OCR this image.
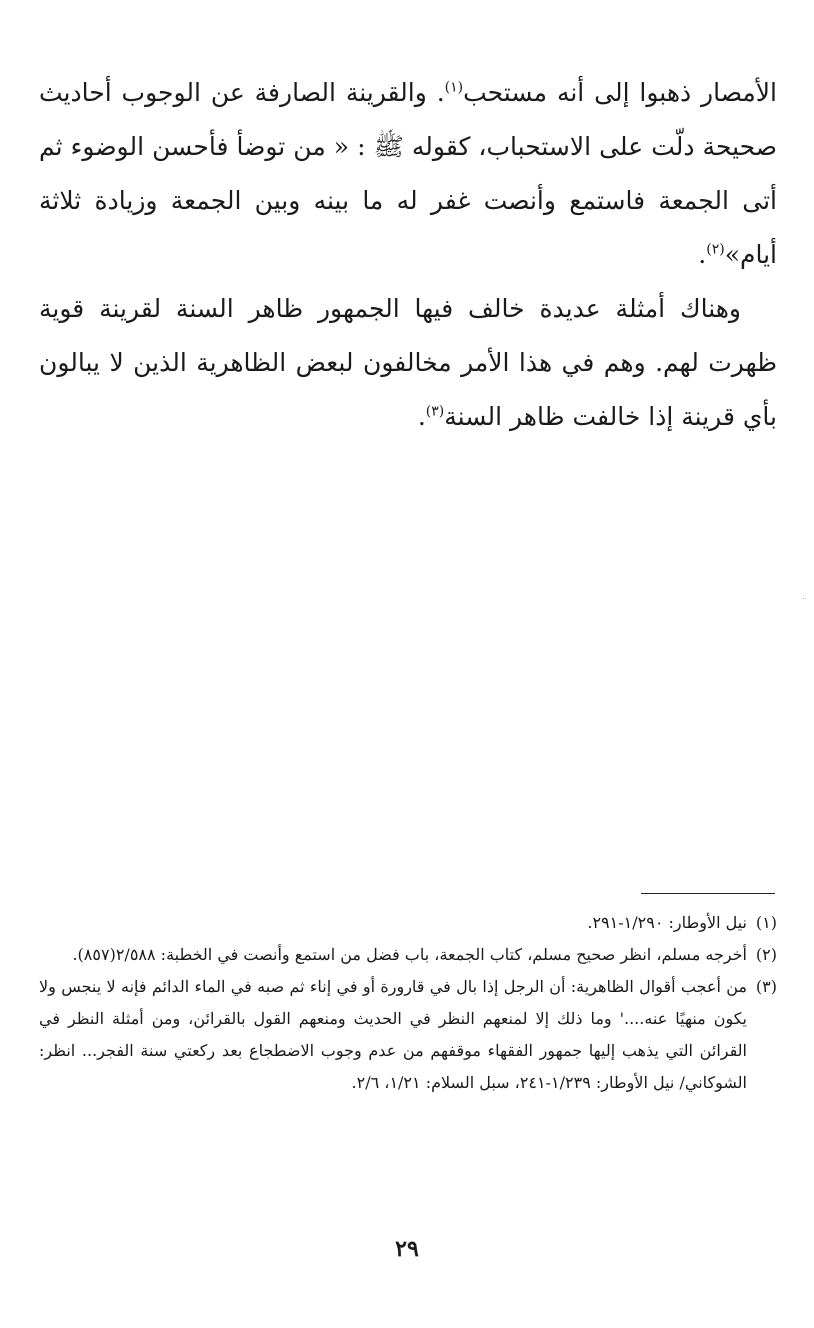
الأمصار ذهبوا إلى أنه مستحب$^{(١)}$. والقرينة الصارفة عن الوجوب أحاديث صحيحة دلّت على الاستحباب، كقوله ﷺ : « من توضأ فأحسن الوضوء ثم أتى الجمعة فاستمع وأنصت غفر له ما بينه وبين الجمعة وزيادة ثلاثة أيام»$^{(٢)}$.

وهناك أمثلة عديدة خالف فيها الجمهور ظاهر السنة لقرينة قوية ظهرت لهم. وهم في هذا الأمر مخالفون لبعض الظاهرية الذين لا يبالون بأي قرينة إذا خالفت ظاهر السنة$^{(٣)}$.

(١)نيل الأوطار: ١/٢٩٠-٢٩١.

(٢)أخرجه مسلم، انظر صحيح مسلم، كتاب الجمعة، باب فضل من استمع وأنصت في الخطبة: ٢/٥٨٨(٨٥٧).

(٣)من أعجب أقوال الظاهرية: أن الرجل إذا بال في قارورة أو في إناء ثم صبه في الماء الدائم فإنه لا ينجس ولا يكون منهيًا عنه....' وما ذلك إلا لمنعهم النظر في الحديث ومنعهم القول بالقرائن، ومن أمثلة النظر في القرائن التي يذهب إليها جمهور الفقهاء موقفهم من عدم وجوب الاضطجاع بعد ركعتي سنة الفجر... انظر: الشوكاني/ نيل الأوطار: ١/٢٣٩-٢٤١، سبل السلام: ١/٢١، ٢/٦.

٢٩
